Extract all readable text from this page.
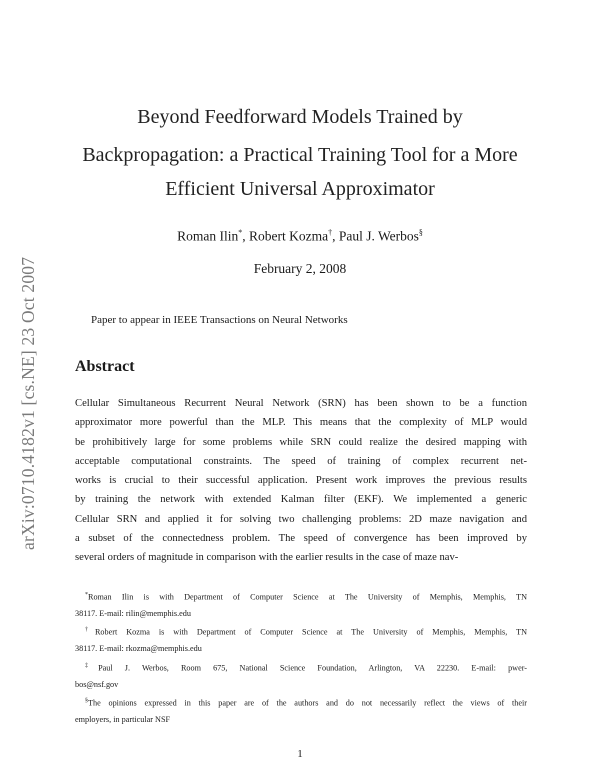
arXiv:0710.4182v1 [cs.NE] 23 Oct 2007
Beyond Feedforward Models Trained by
Backpropagation: a Practical Training Tool for a More
Efficient Universal Approximator
Roman Ilin*, Robert Kozma†, Paul J. Werbos§
February 2, 2008
Paper to appear in IEEE Transactions on Neural Networks
Abstract
Cellular Simultaneous Recurrent Neural Network (SRN) has been shown to be a function
approximator more powerful than the MLP. This means that the complexity of MLP would
be prohibitively large for some problems while SRN could realize the desired mapping with
acceptable computational constraints. The speed of training of complex recurrent net-
works is crucial to their successful application. Present work improves the previous results
by training the network with extended Kalman filter (EKF). We implemented a generic
Cellular SRN and applied it for solving two challenging problems: 2D maze navigation and
a subset of the connectedness problem. The speed of convergence has been improved by
several orders of magnitude in comparison with the earlier results in the case of maze nav-
*Roman Ilin is with Department of Computer Science at The University of Memphis, Memphis, TN
38117. E-mail: rilin@memphis.edu
†Robert Kozma is with Department of Computer Science at The University of Memphis, Memphis, TN
38117. E-mail: rkozma@memphis.edu
‡Paul J. Werbos, Room 675, National Science Foundation, Arlington, VA 22230. E-mail: pwer-
bos@nsf.gov
§The opinions expressed in this paper are of the authors and do not necessarily reflect the views of their
employers, in particular NSF
1
